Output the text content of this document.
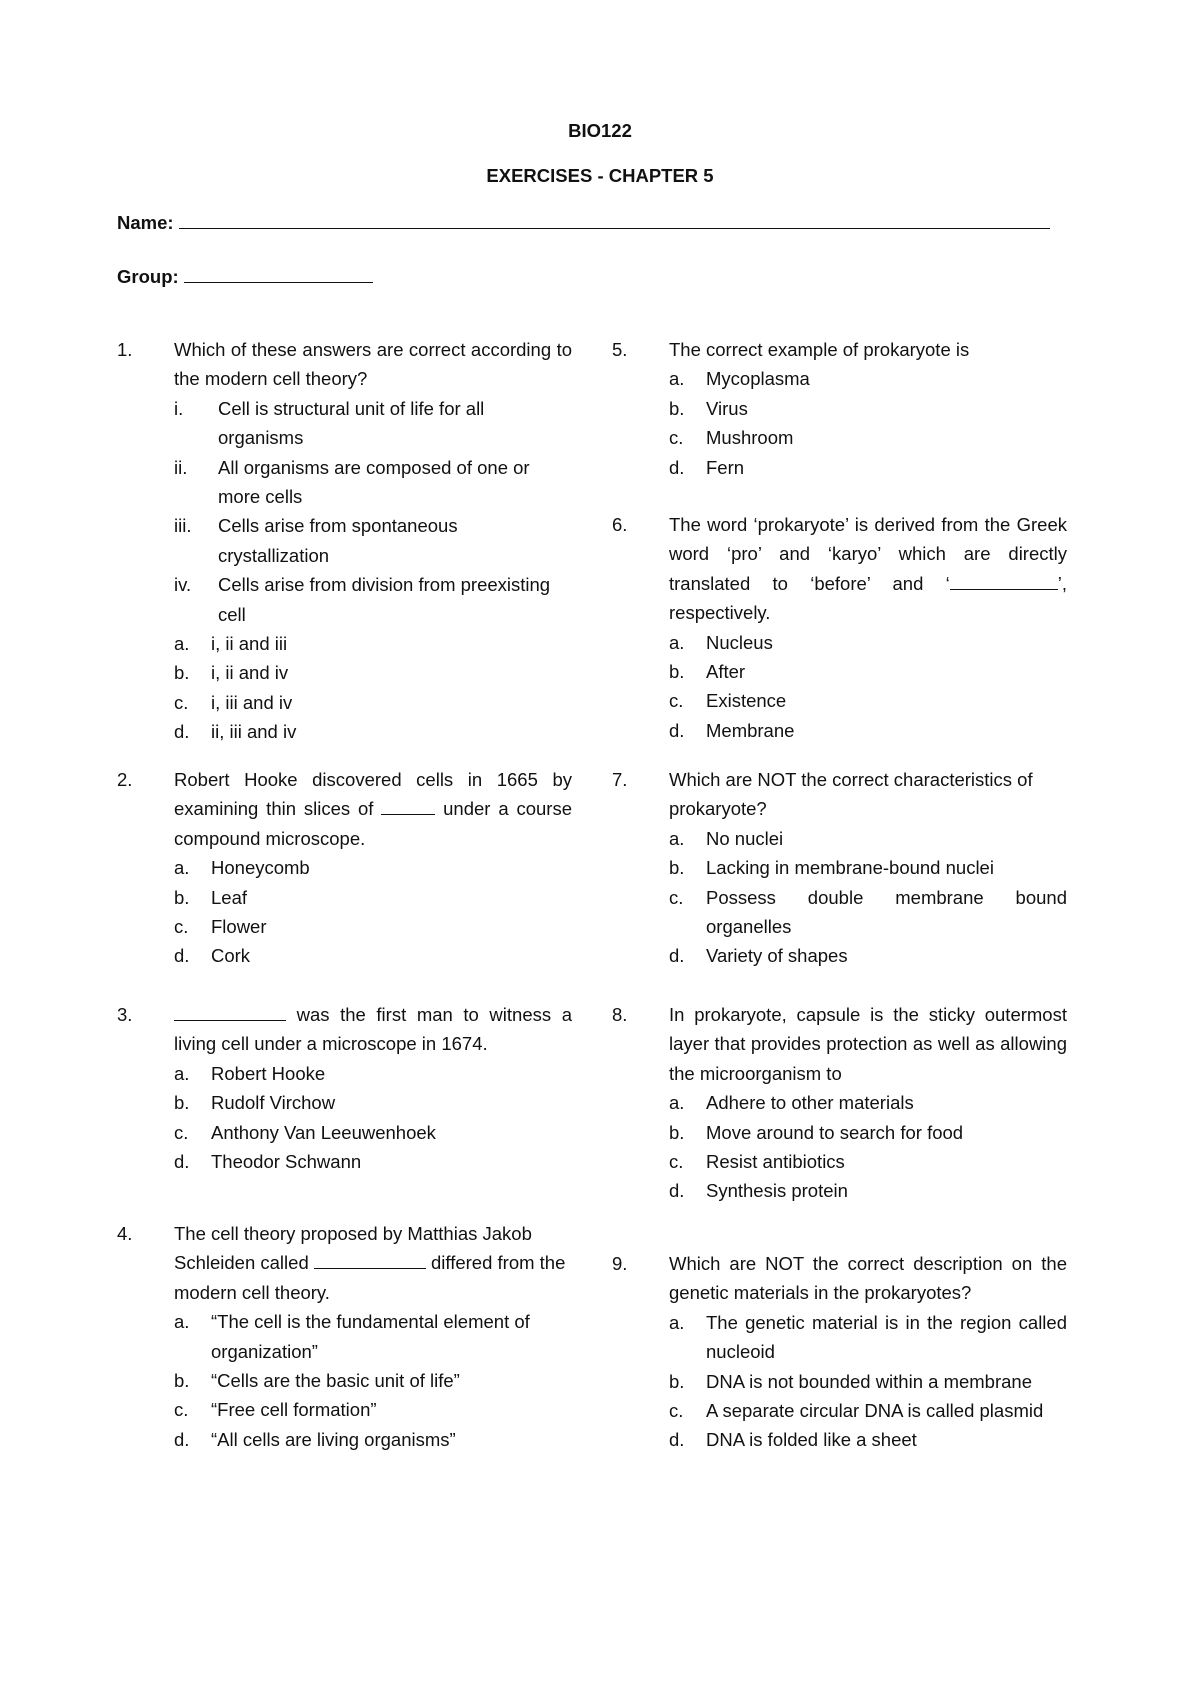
BIO122
EXERCISES - CHAPTER 5
Name:
Group:
1. Which of these answers are correct according to the modern cell theory?
i. Cell is structural unit of life for all organisms
ii. All organisms are composed of one or more cells
iii. Cells arise from spontaneous crystallization
iv. Cells arise from division from preexisting cell
a. i, ii and iii
b. i, ii and iv
c. i, iii and iv
d. ii, iii and iv
2. Robert Hooke discovered cells in 1665 by examining thin slices of	under a course compound microscope.
a. Honeycomb
b. Leaf
c. Flower
d. Cork
3.	was the first man to witness a living cell under a microscope in 1674.
a. Robert Hooke
b. Rudolf Virchow
c. Anthony Van Leeuwenhoek
d. Theodor Schwann
4. The cell theory proposed by Matthias Jakob Schleiden called	differed from the modern cell theory.
a. “The cell is the fundamental element of organization”
b. “Cells are the basic unit of life”
c. “Free cell formation”
d. “All cells are living organisms”
5. The correct example of prokaryote is
a. Mycoplasma
b. Virus
c. Mushroom
d. Fern
6. The word ‘prokaryote’ is derived from the Greek word ‘pro’ and ‘karyo’ which are directly translated to ‘before’ and ‘	’, respectively.
a. Nucleus
b. After
c. Existence
d. Membrane
7. Which are NOT the correct characteristics of prokaryote?
a. No nuclei
b. Lacking in membrane-bound nuclei
c. Possess double membrane bound organelles
d. Variety of shapes
8. In prokaryote, capsule is the sticky outermost layer that provides protection as well as allowing the microorganism to
a. Adhere to other materials
b. Move around to search for food
c. Resist antibiotics
d. Synthesis protein
9. Which are NOT the correct description on the genetic materials in the prokaryotes?
a. The genetic material is in the region called nucleoid
b. DNA is not bounded within a membrane
c. A separate circular DNA is called plasmid
d. DNA is folded like a sheet
